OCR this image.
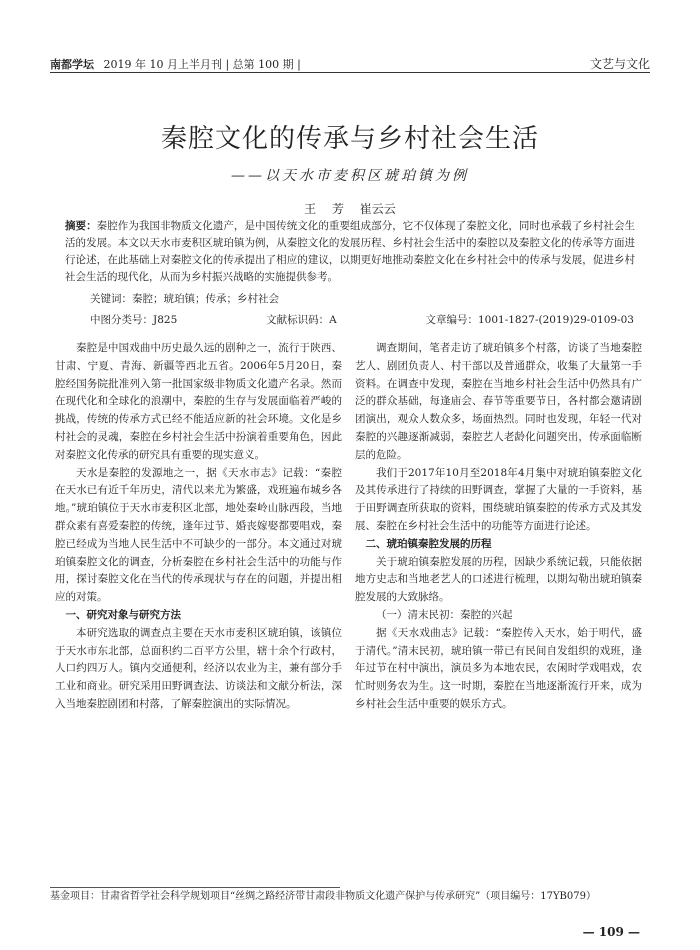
南都学坛 2019 年 10 月上半月刊 | 总第 100 期 |	文艺与文化
秦腔文化的传承与乡村社会生活
——以天水市麦积区琥珀镇为例
王 芳 崔云云
摘要：秦腔作为我国非物质文化遗产，是中国传统文化的重要组成部分，它不仅体现了秦腔文化，同时也承载了乡村社会生活的发展。本文以天水市麦积区琥珀镇为例，从秦腔文化的发展历程、乡村社会生活中的秦腔以及秦腔文化的传承等方面进行论述，在此基础上对秦腔文化的传承提出了相应的建议，以期更好地推动秦腔文化在乡村社会中的传承与发展，促进乡村社会生活的现代化，从而为乡村振兴战略的实施提供参考。
关键词：秦腔；琥珀镇；传承；乡村社会
中图分类号：J825	文献标识码：A	文章编号：1001-1827-(2019)29-0109-03

秦腔是中国戏曲中历史最久远的剧种之一，流行于陕西、甘肃、宁夏、青海、新疆等西北五省。2006年5月20日，秦腔经国务院批准列入第一批国家级非物质文化遗产名录。然而在现代化和全球化的浪潮中，秦腔的生存与发展面临着严峻的挑战，传统的传承方式已经不能适应新的社会环境。文化是乡村社会的灵魂，秦腔在乡村社会生活中扮演着重要角色，因此对秦腔文化传承的研究具有重要的现实意义。

天水是秦腔的发源地之一，据《天水市志》记载：“秦腔在天水已有近千年历史，清代以来尤为繁盛，戏班遍布城乡各地。”琥珀镇位于天水市麦积区北部，地处秦岭山脉西段，当地群众素有喜爱秦腔的传统，逢年过节、婚丧嫁娶都要唱戏，秦腔已经成为当地人民生活中不可缺少的一部分。本文通过对琥珀镇秦腔文化的调查，分析秦腔在乡村社会生活中的功能与作用，探讨秦腔文化在当代的传承现状与存在的问题，并提出相应的对策。

一、研究对象与研究方法

本研究选取的调查点主要在天水市麦积区琥珀镇，该镇位于天水市东北部，总面积约二百平方公里，辖十余个行政村，人口约四万人。镇内交通便利，经济以农业为主，兼有部分手工业和商业。研究采用田野调查法、访谈法和文献分析法，深入当地秦腔剧团和村落，了解秦腔演出的实际情况。

调查期间，笔者走访了琥珀镇多个村落，访谈了当地秦腔艺人、剧团负责人、村干部以及普通群众，收集了大量第一手资料。在调查中发现，秦腔在当地乡村社会生活中仍然具有广泛的群众基础，每逢庙会、春节等重要节日，各村都会邀请剧团演出，观众人数众多，场面热烈。同时也发现，年轻一代对秦腔的兴趣逐渐减弱，秦腔艺人老龄化问题突出，传承面临断层的危险。

我们于2017年10月至2018年4月集中对琥珀镇秦腔文化及其传承进行了持续的田野调查，掌握了大量的一手资料，基于田野调查所获取的资料，围绕琥珀镇秦腔的传承方式及其发展、秦腔在乡村社会生活中的功能等方面进行论述。

二、琥珀镇秦腔发展的历程

关于琥珀镇秦腔发展的历程，因缺少系统记载，只能依据地方史志和当地老艺人的口述进行梳理，以期勾勒出琥珀镇秦腔发展的大致脉络。

（一）清末民初：秦腔的兴起

据《天水戏曲志》记载：“秦腔传入天水，始于明代，盛于清代。”清末民初，琥珀镇一带已有民间自发组织的戏班，逢年过节在村中演出，演员多为本地农民，农闲时学戏唱戏，农忙时则务农为生。这一时期，秦腔在当地逐渐流行开来，成为乡村社会生活中重要的娱乐方式。

基金项目：甘肃省哲学社会科学规划项目“丝绸之路经济带甘肃段非物质文化遗产保护与传承研究”（项目编号：17YB079）
— 109 —
